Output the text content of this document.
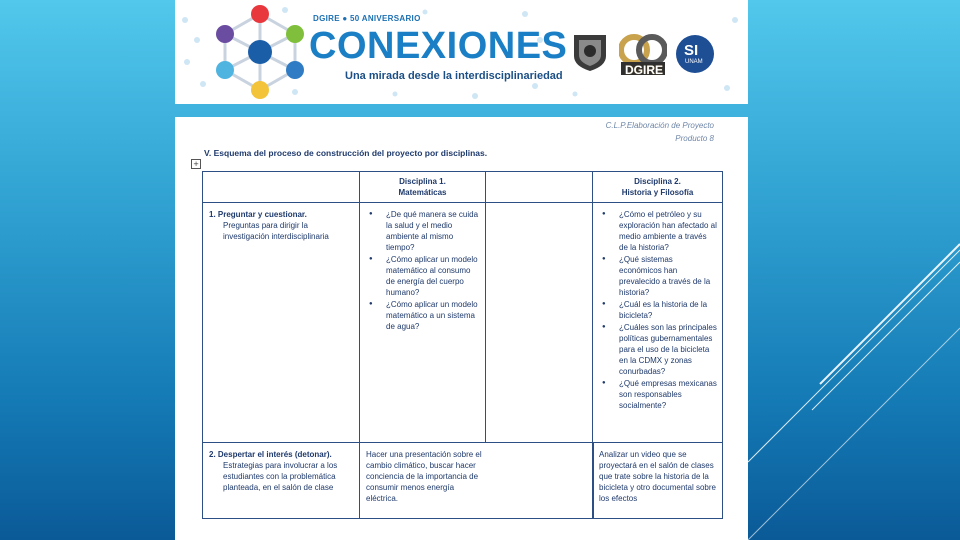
DGIRE ● 50 ANIVERSARIO
CONEXIONES
Una mirada desde la interdisciplinariedad	DGIRE
SI
UNAM
C.L.P.Elaboración de Proyecto
Producto 8
V. Esquema del proceso de construcción del proyecto por disciplinas.
+
Disciplina 1.
Matemáticas
Disciplina 2.
Historia y Filosofía
1. Preguntar y cuestionar.
Preguntas para dirigir la investigación interdisciplinaria
● ¿De qué manera se cuida la salud y el medio ambiente al mismo tiempo?
● ¿Cómo aplicar un modelo matemático al consumo de energía del cuerpo humano?
● ¿Cómo aplicar un modelo matemático a un sistema de agua?
● ¿Cómo el petróleo y su exploración han afectado al medio ambiente a través de la historia?
● ¿Qué sistemas económicos han prevalecido a través de la historia?
● ¿Cuál es la historia de la bicicleta?
● ¿Cuáles son las principales políticas gubernamentales para el uso de la bicicleta en la CDMX y zonas conurbadas?
● ¿Qué empresas mexicanas son responsables socialmente?
2. Despertar el interés (detonar).
Estrategias para involucrar a los estudiantes con la problemática planteada, en el salón de clase
Hacer una presentación sobre el cambio climático, buscar hacer conciencia de la importancia de consumir menos energía eléctrica.
Analizar un video que se proyectará en el salón de clases que trate sobre la historia de la bicicleta y otro documental sobre los efectos
